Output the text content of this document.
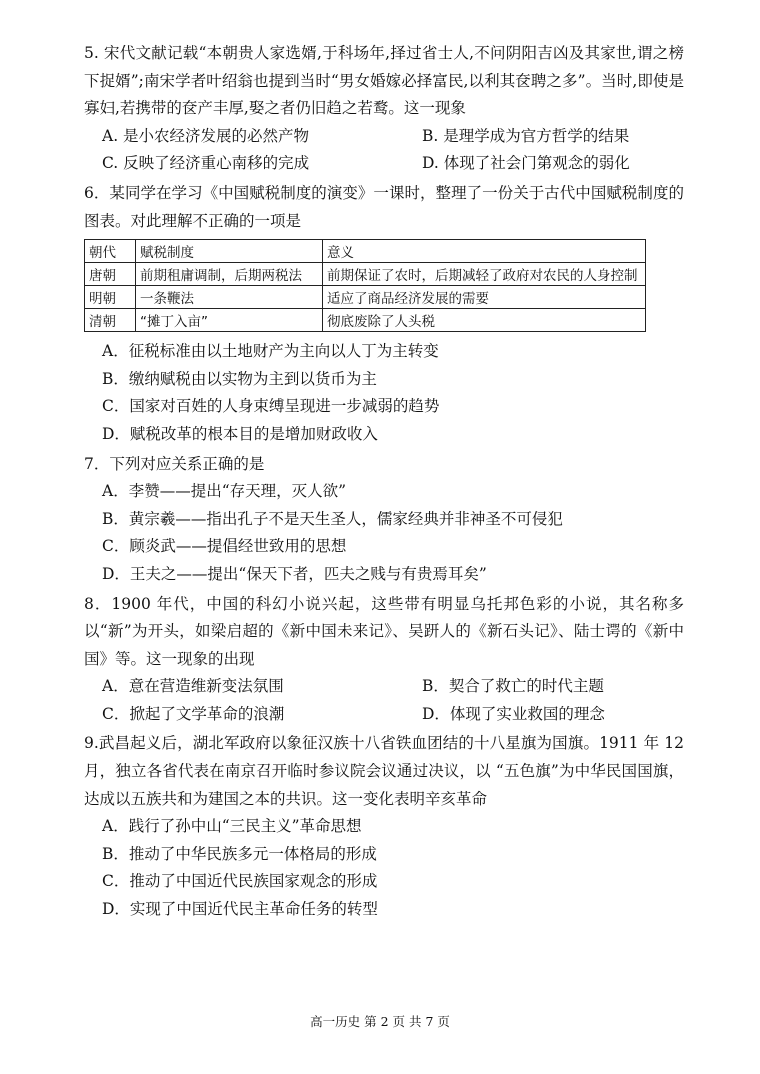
5. 宋代文献记载“本朝贵人家选婿,于科场年,择过省士人,不问阴阳吉凶及其家世,谓之榜下捉婿”;南宋学者叶绍翁也提到当时“男女婚嫁必择富民,以利其奁聘之多”。当时,即使是寡妇,若携带的奁产丰厚,娶之者仍旧趋之若鹜。这一现象

A. 是小农经济发展的必然产物	B. 是理学成为官方哲学的结果
C. 反映了经济重心南移的完成	D. 体现了社会门第观念的弱化

6．某同学在学习《中国赋税制度的演变》一课时，整理了一份关于古代中国赋税制度的图表。对此理解不正确的一项是

朝代	赋税制度	意义
唐朝	前期租庸调制，后期两税法	前期保证了农时，后期减轻了政府对农民的人身控制
明朝	一条鞭法	适应了商品经济发展的需要
清朝	“摊丁入亩”	彻底废除了人头税

A．征税标准由以土地财产为主向以人丁为主转变

B．缴纳赋税由以实物为主到以货币为主

C．国家对百姓的人身束缚呈现进一步减弱的趋势

D．赋税改革的根本目的是增加财政收入

7．下列对应关系正确的是

A．李赞——提出“存天理，灭人欲”

B．黄宗羲——指出孔子不是天生圣人，儒家经典并非神圣不可侵犯

C．顾炎武——提倡经世致用的思想

D．王夫之——提出“保天下者，匹夫之贱与有贵焉耳矣”

8．1900 年代，中国的科幻小说兴起，这些带有明显乌托邦色彩的小说，其名称多以“新”为开头，如梁启超的《新中国未来记》、吴趼人的《新石头记》、陆士谔的《新中国》等。这一现象的出现

A．意在营造维新变法氛围	B．契合了救亡的时代主题
C．掀起了文学革命的浪潮	D．体现了实业救国的理念

9.武昌起义后，湖北军政府以象征汉族十八省铁血团结的十八星旗为国旗。1911 年 12 月，独立各省代表在南京召开临时参议院会议通过决议，以 “五色旗”为中华民国国旗，达成以五族共和为建国之本的共识。这一变化表明辛亥革命

A．践行了孙中山“三民主义”革命思想

B．推动了中华民族多元一体格局的形成

C．推动了中国近代民族国家观念的形成

D．实现了中国近代民主革命任务的转型

高一历史 第 2 页 共 7 页
